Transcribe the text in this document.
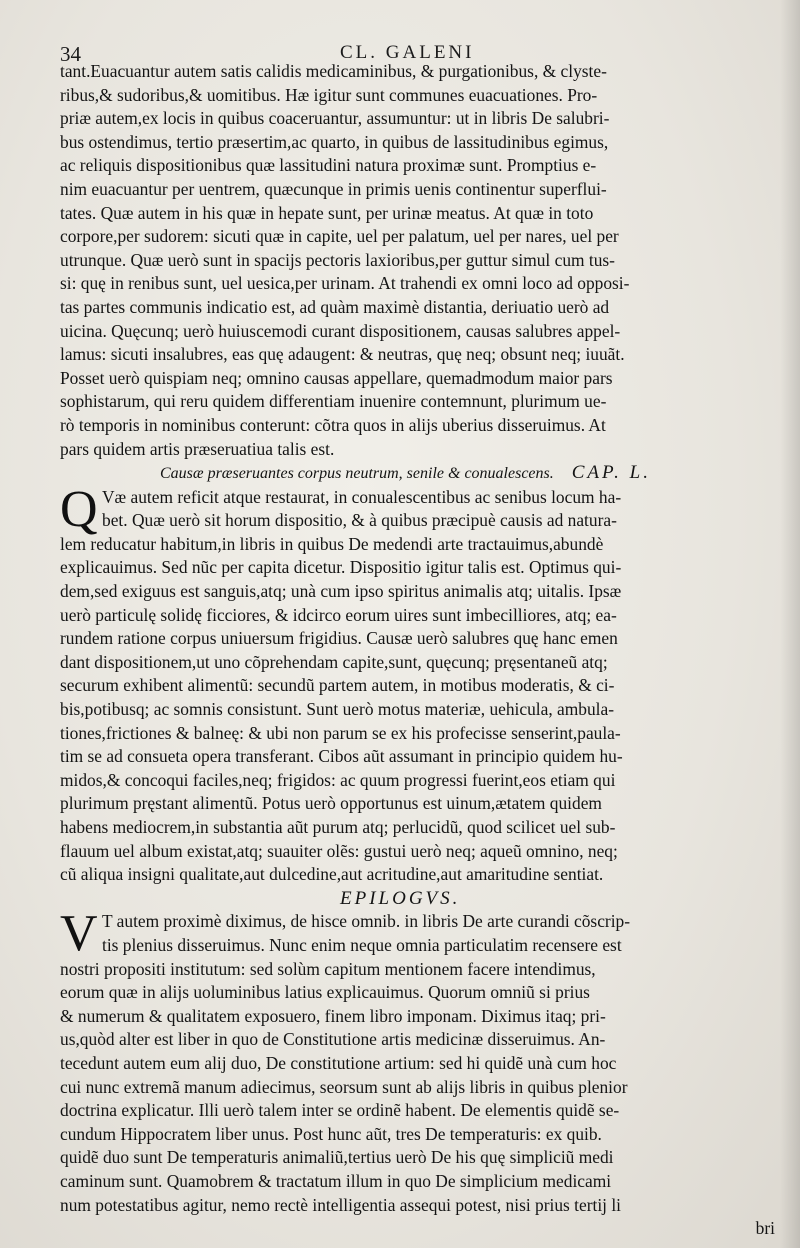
34	CL. GALENI
tant.Euacuantur autem satis calidis medicaminibus, & purgationibus, & clyste-
ribus,& sudoribus,& uomitibus. Hæ igitur sunt communes euacuationes. Pro-
priæ autem,ex locis in quibus coaceruantur, assumuntur: ut in libris De salubri-
bus ostendimus, tertio præsertim,ac quarto, in quibus de lassitudinibus egimus,
ac reliquis dispositionibus quæ lassitudini natura proximæ sunt. Promptius e-
nim euacuantur per uentrem, quæcunque in primis uenis continentur superflui-
tates. Quæ autem in his quæ in hepate sunt, per urinæ meatus. At quæ in toto
corpore,per sudorem: sicuti quæ in capite, uel per palatum, uel per nares, uel per
utrunque. Quæ uerò sunt in spacijs pectoris laxioribus,per guttur simul cum tus-
si: quę in renibus sunt, uel uesica,per urinam. At trahendi ex omni loco ad opposi-
tas partes communis indicatio est, ad quàm maximè distantia, deriuatio uerò ad
uicina. Quęcunq; uerò huiuscemodi curant dispositionem, causas salubres appel-
lamus: sicuti insalubres, eas quę adaugent: & neutras, quę neq; obsunt neq; iuuãt.
Posset uerò quispiam neq; omnino causas appellare, quemadmodum maior pars
sophistarum, qui reru quidem differentiam inuenire contemnunt, plurimum ue-
rò temporis in nominibus conterunt: cõtra quos in alijs uberius disseruimus. At
pars quidem artis præseruatiua talis est.
Causæ præseruantes corpus neutrum, senile & conualescens. CAP. L.
Q Væ autem reficit atque restaurat, in conualescentibus ac senibus locum ha-
bet. Quæ uerò sit horum dispositio, & à quibus præcipuè causis ad natura-
lem reducatur habitum,in libris in quibus De medendi arte tractauimus,abundè
explicauimus. Sed nũc per capita dicetur. Dispositio igitur talis est. Optimus qui-
dem,sed exiguus est sanguis,atq; unà cum ipso spiritus animalis atq; uitalis. Ipsæ
uerò particulę solidę ficciores, & idcirco eorum uires sunt imbecilliores, atq; ea-
rundem ratione corpus uniuersum frigidius. Causæ uerò salubres quę hanc emen
dant dispositionem,ut uno cõprehendam capite,sunt, quęcunq; pręsentaneũ atq;
securum exhibent alimentũ: secundũ partem autem, in motibus moderatis, & ci-
bis,potibusq; ac somnis consistunt. Sunt uerò motus materiæ, uehicula, ambula-
tiones,frictiones & balneę: & ubi non parum se ex his profecisse senserint,paula-
tim se ad consueta opera transferant. Cibos aũt assumant in principio quidem hu-
midos,& concoqui faciles,neq; frigidos: ac quum progressi fuerint,eos etiam qui
plurimum pręstant alimentũ. Potus uerò opportunus est uinum,ætatem quidem
habens mediocrem,in substantia aũt purum atq; perlucidũ, quod scilicet uel sub-
flauum uel album existat,atq; suauiter olẽs: gustui uerò neq; aqueũ omnino, neq;
cũ aliqua insigni qualitate,aut dulcedine,aut acritudine,aut amaritudine sentiat.
EPILOGVS.
V T autem proximè diximus, de hisce omnib. in libris De arte curandi cõscrip-
tis plenius disseruimus. Nunc enim neque omnia particulatim recensere est
nostri propositi institutum: sed solùm capitum mentionem facere intendimus,
eorum quæ in alijs uoluminibus latius explicauimus. Quorum omniũ si prius
& numerum & qualitatem exposuero, finem libro imponam. Diximus itaq; pri-
us,quòd alter est liber in quo de Constitutione artis medicinæ disseruimus. An-
tecedunt autem eum alij duo, De constitutione artium: sed hi quidẽ unà cum hoc
cui nunc extremã manum adiecimus, seorsum sunt ab alijs libris in quibus plenior
doctrina explicatur. Illi uerò talem inter se ordinẽ habent. De elementis quidẽ se-
cundum Hippocratem liber unus. Post hunc aũt, tres De temperaturis: ex quib.
quidẽ duo sunt De temperaturis animaliũ,tertius uerò De his quę simpliciũ medi
caminum sunt. Quamobrem & tractatum illum in quo De simplicium medicami
num potestatibus agitur, nemo rectè intelligentia assequi potest, nisi prius tertij li
bri
